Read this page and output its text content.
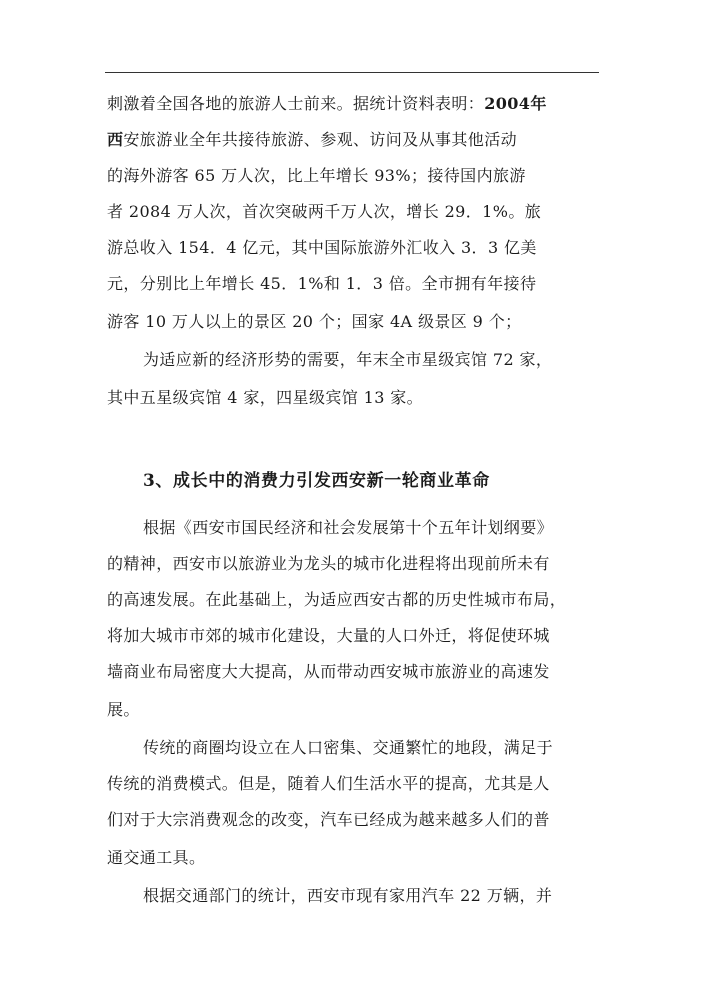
刺激着全国各地的旅游人士前来。据统计资料表明：2004年
西安旅游业全年共接待旅游、参观、访问及从事其他活动
的海外游客 65 万人次，比上年增长 93%；接待国内旅游
者 2084 万人次，首次突破两千万人次，增长 29．1%。旅
游总收入 154．4 亿元，其中国际旅游外汇收入 3．3 亿美
元，分别比上年增长 45．1%和 1．3 倍。全市拥有年接待
游客 10 万人以上的景区 20 个；国家 4A 级景区 9 个；
为适应新的经济形势的需要，年末全市星级宾馆 72 家，
其中五星级宾馆 4 家，四星级宾馆 13 家。
3、成长中的消费力引发西安新一轮商业革命
根据《西安市国民经济和社会发展第十个五年计划纲要》
的精神，西安市以旅游业为龙头的城市化进程将出现前所未有
的高速发展。在此基础上，为适应西安古都的历史性城市布局，
将加大城市市郊的城市化建设，大量的人口外迁，将促使环城
墙商业布局密度大大提高，从而带动西安城市旅游业的高速发
展。
传统的商圈均设立在人口密集、交通繁忙的地段，满足于
传统的消费模式。但是，随着人们生活水平的提高，尤其是人
们对于大宗消费观念的改变，汽车已经成为越来越多人们的普
通交通工具。
根据交通部门的统计，西安市现有家用汽车 22 万辆，并
